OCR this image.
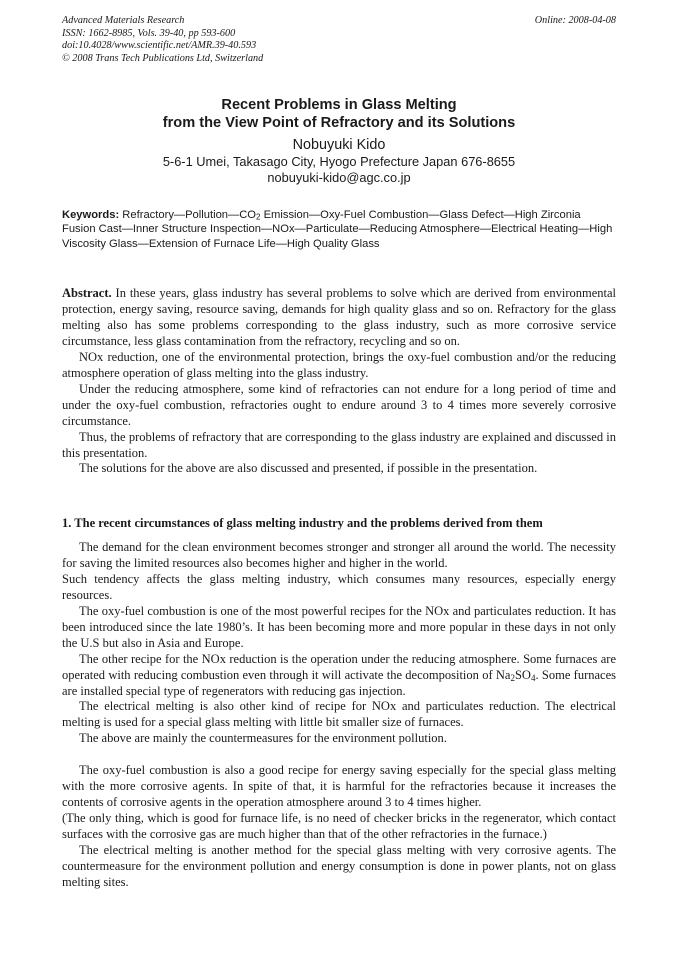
Advanced Materials Research
ISSN: 1662-8985, Vols. 39-40, pp 593-600
doi:10.4028/www.scientific.net/AMR.39-40.593
© 2008 Trans Tech Publications Ltd, Switzerland
Online: 2008-04-08
Recent Problems in Glass Melting
from the View Point of Refractory and its Solutions
Nobuyuki Kido
5-6-1 Umei, Takasago City, Hyogo Prefecture Japan 676-8655
nobuyuki-kido@agc.co.jp
Keywords: $Refractory—Pollution—CO_2$ Emission—Oxy-Fuel Combustion—Glass Defect—High Zirconia Fusion Cast—Inner Structure Inspection—NOx—Particulate—Reducing Atmosphere—Electrical Heating—High Viscosity Glass—Extension of Furnace Life—High Quality Glass

Abstract. In these years, glass industry has several problems to solve which are derived from environmental protection, energy saving, resource saving, demands for high quality glass and so on. Refractory for the glass melting also has some problems corresponding to the glass industry, such as more corrosive service circumstance, less glass contamination from the refractory, recycling and so on.

NOx reduction, one of the environmental protection, brings the oxy-fuel combustion and/or the reducing atmosphere operation of glass melting into the glass industry.

Under the reducing atmosphere, some kind of refractories can not endure for a long period of time and under the oxy-fuel combustion, refractories ought to endure around 3 to 4 times more severely corrosive circumstance.

Thus, the problems of refractory that are corresponding to the glass industry are explained and discussed in this presentation.

The solutions for the above are also discussed and presented, if possible in the presentation.

1. The recent circumstances of glass melting industry and the problems derived from them

The demand for the clean environment becomes stronger and stronger all around the world. The necessity for saving the limited resources also becomes higher and higher in the world.

Such tendency affects the glass melting industry, which consumes many resources, especially energy resources.

The oxy-fuel combustion is one of the most powerful recipes for the NOx and particulates reduction. It has been introduced since the late 1980’s. It has been becoming more and more popular in these days in not only the U.S but also in Asia and Europe.

The other recipe for the NOx reduction is the operation under the reducing atmosphere. Some furnaces are operated with reducing combustion even through it will activate the decomposition of $Na_2SO_4$. Some furnaces are installed special type of regenerators with reducing gas injection.

The electrical melting is also other kind of recipe for NOx and particulates reduction. The electrical melting is used for a special glass melting with little bit smaller size of furnaces.

The above are mainly the countermeasures for the environment pollution.

The oxy-fuel combustion is also a good recipe for energy saving especially for the special glass melting with the more corrosive agents. In spite of that, it is harmful for the refractories because it increases the contents of corrosive agents in the operation atmosphere around 3 to 4 times higher.

(The only thing, which is good for furnace life, is no need of checker bricks in the regenerator, which contact surfaces with the corrosive gas are much higher than that of the other refractories in the furnace.)

The electrical melting is another method for the special glass melting with very corrosive agents. The countermeasure for the environment pollution and energy consumption is done in power plants, not on glass melting sites.
